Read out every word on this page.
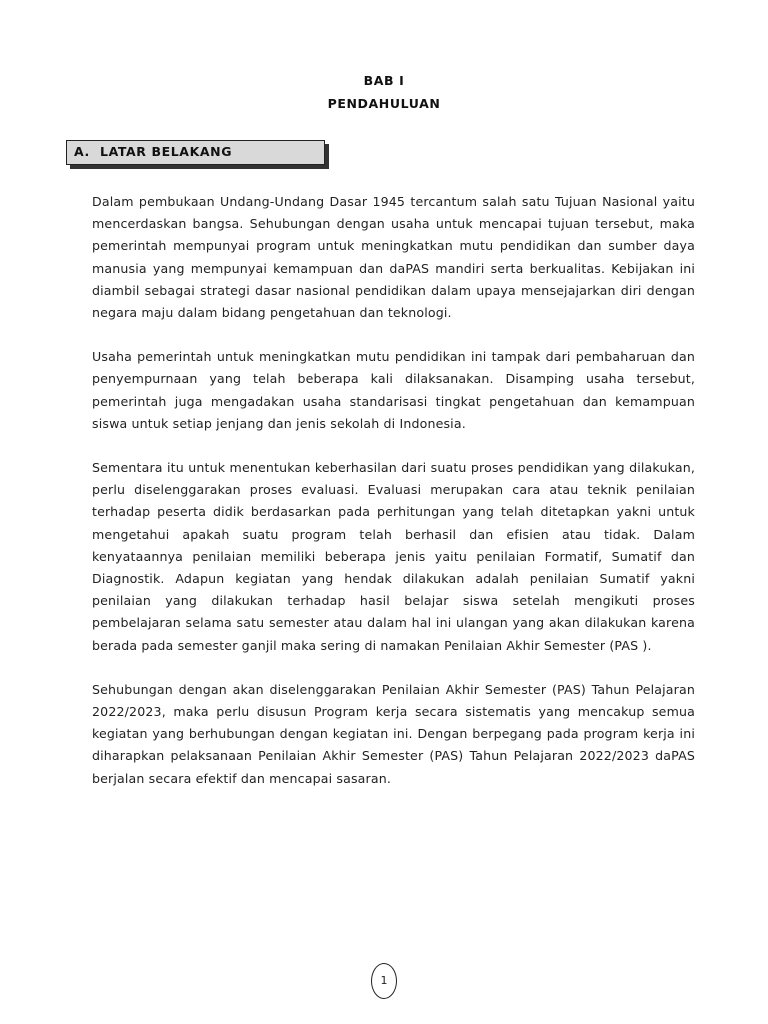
BAB I
PENDAHULUAN
A. LATAR BELAKANG

Dalam pembukaan Undang-Undang Dasar 1945 tercantum salah satu Tujuan Nasional yaitu mencerdaskan bangsa. Sehubungan dengan usaha untuk mencapai tujuan tersebut, maka pemerintah mempunyai program untuk meningkatkan mutu pendidikan dan sumber daya manusia yang mempunyai kemampuan dan daPAS mandiri serta berkualitas. Kebijakan ini diambil sebagai strategi dasar nasional pendidikan dalam upaya mensejajarkan diri dengan negara maju dalam bidang pengetahuan dan teknologi.

Usaha pemerintah untuk meningkatkan mutu pendidikan ini tampak dari pembaharuan dan penyempurnaan yang telah beberapa kali dilaksanakan. Disamping usaha tersebut, pemerintah juga mengadakan usaha standarisasi tingkat pengetahuan dan kemampuan siswa untuk setiap jenjang dan jenis sekolah di Indonesia.

Sementara itu untuk menentukan keberhasilan dari suatu proses pendidikan yang dilakukan, perlu diselenggarakan proses evaluasi. Evaluasi merupakan cara atau teknik penilaian terhadap peserta didik berdasarkan pada perhitungan yang telah ditetapkan yakni untuk mengetahui apakah suatu program telah berhasil dan efisien atau tidak. Dalam kenyataannya penilaian memiliki beberapa jenis yaitu penilaian Formatif, Sumatif dan Diagnostik. Adapun kegiatan yang hendak dilakukan adalah penilaian Sumatif yakni penilaian yang dilakukan terhadap hasil belajar siswa setelah mengikuti proses pembelajaran selama satu semester atau dalam hal ini ulangan yang akan dilakukan karena berada pada semester ganjil maka sering di namakan Penilaian Akhir Semester (PAS ).

Sehubungan dengan akan diselenggarakan Penilaian Akhir Semester (PAS) Tahun Pelajaran 2022/2023, maka perlu disusun Program kerja secara sistematis yang mencakup semua kegiatan yang berhubungan dengan kegiatan ini. Dengan berpegang pada program kerja ini diharapkan pelaksanaan Penilaian Akhir Semester (PAS) Tahun Pelajaran 2022/2023 daPAS berjalan secara efektif dan mencapai sasaran.

1
